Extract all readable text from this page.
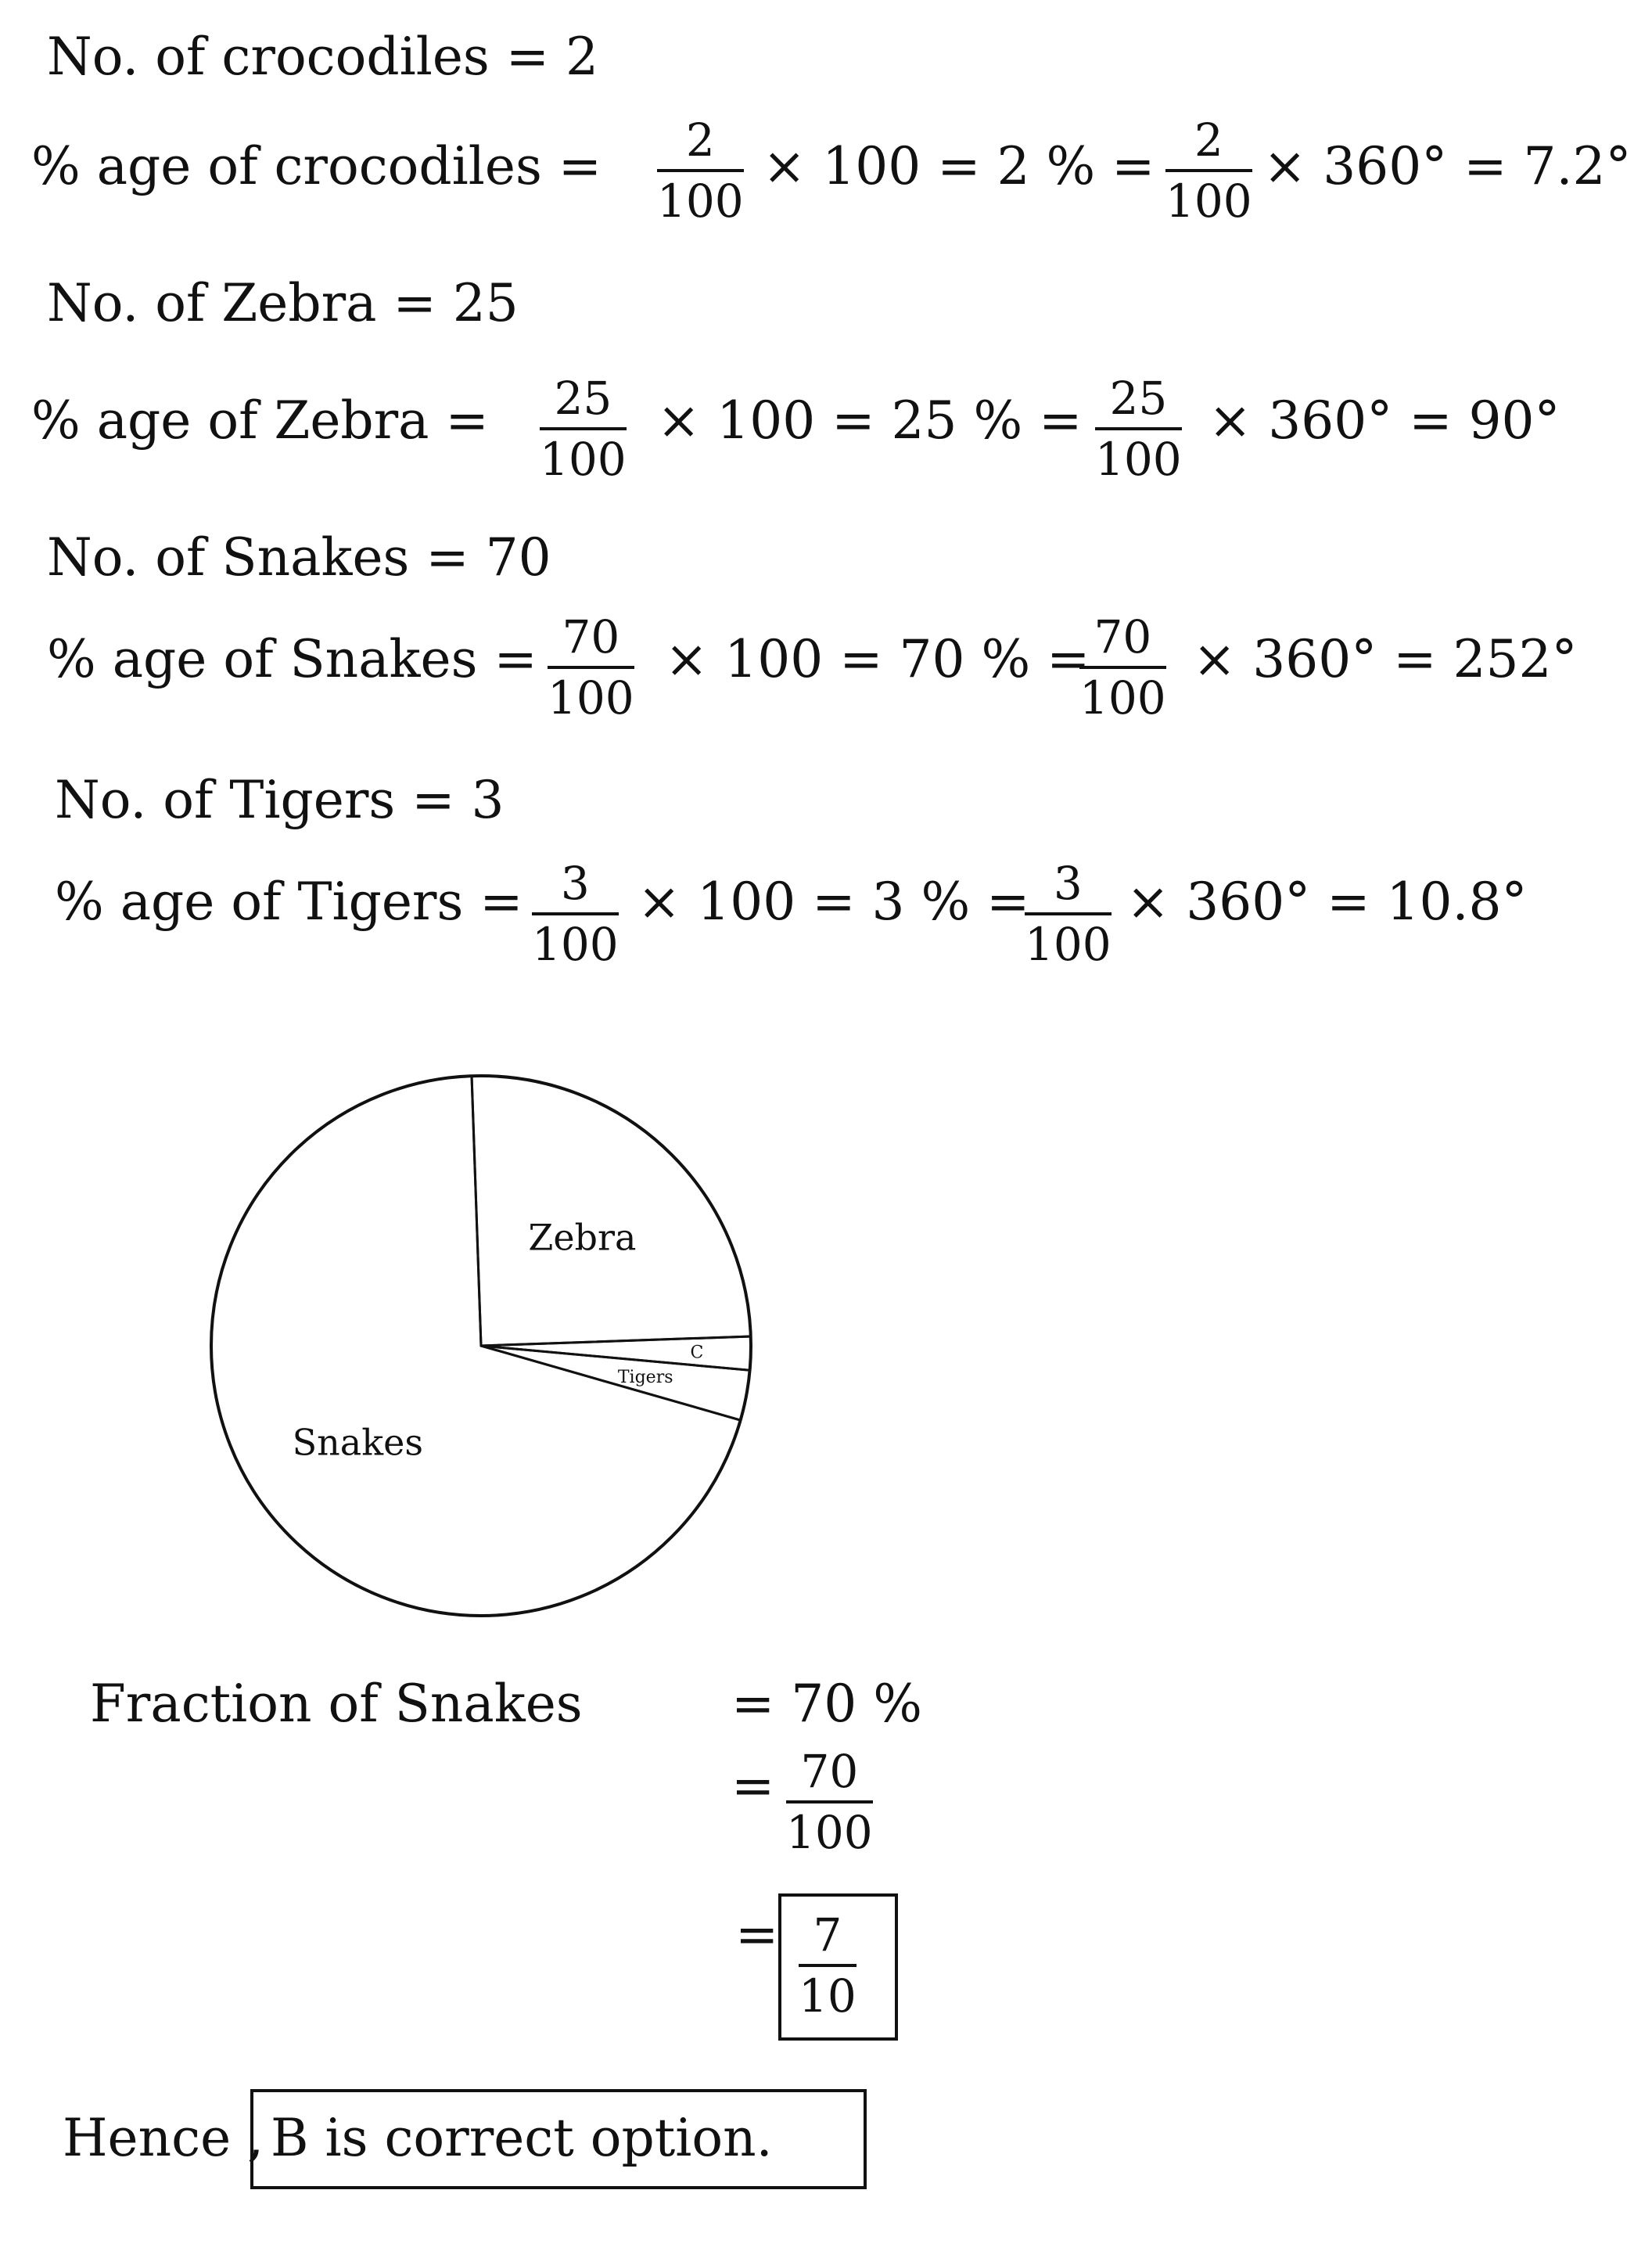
No. of crocodiles = 2
% age of crocodiles = $\frac{2}{100} \times 100 = 2$ % = $\frac{2}{100} \times 360^\circ = 7.2^\circ$
No. of Zebra = 25
% age of Zebra = $\frac{25}{100} \times 100 = 25$ % = $\frac{25}{100} \times 360^\circ = 90^\circ$
No. of Snakes = 70
% age of Snakes = $\frac{70}{100} \times 100 = 70$ % =
$\frac{70}{100} \times 360^\circ = 252^\circ$
No. of Tigers = 3
% age of Tigers = $\frac{3}{100} \times 100 = 3$ % =
$\frac{3}{100} \times 360^\circ = 10.8^\circ$
Zebra
C
Tigers
Snakes
Fraction of Snakes	= 70 %
= $\frac{70}{100}$
= $\frac{7}{10}$
Hence , B is correct option.
